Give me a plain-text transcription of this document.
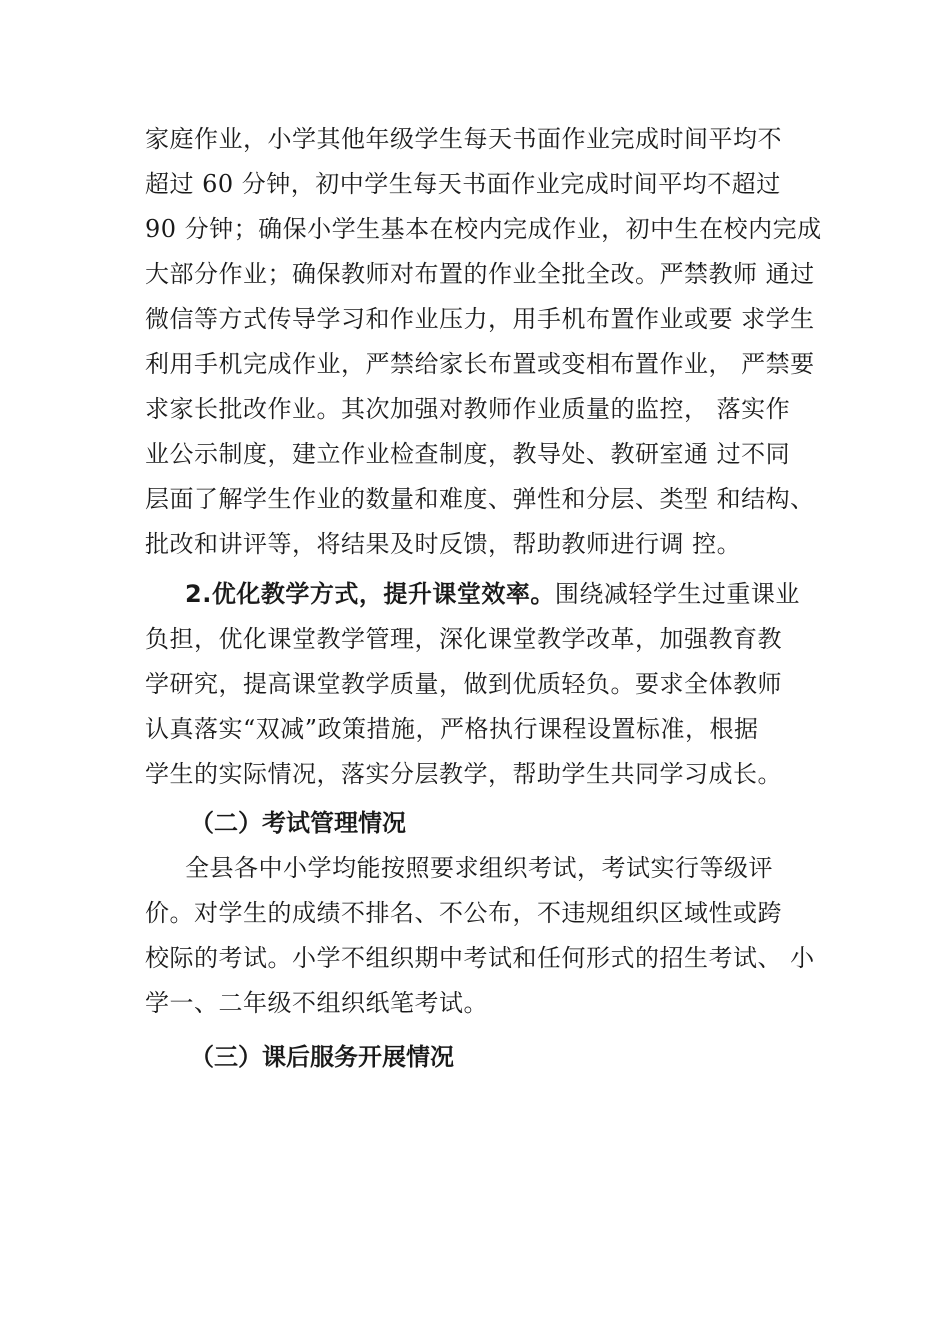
家庭作业，小学其他年级学生每天书面作业完成时间平均不
超过 60 分钟，初中学生每天书面作业完成时间平均不超过
90 分钟；确保小学生基本在校内完成作业，初中生在校内完成
大部分作业；确保教师对布置的作业全批全改。严禁教师 通过
微信等方式传导学习和作业压力，用手机布置作业或要 求学生
利用手机完成作业，严禁给家长布置或变相布置作业， 严禁要
求家长批改作业。其次加强对教师作业质量的监控， 落实作
业公示制度，建立作业检查制度，教导处、教研室通 过不同
层面了解学生作业的数量和难度、弹性和分层、类型 和结构、
批改和讲评等，将结果及时反馈，帮助教师进行调 控。
2.优化教学方式，提升课堂效率。围绕减轻学生过重课业
负担，优化课堂教学管理，深化课堂教学改革，加强教育教
学研究，提高课堂教学质量，做到优质轻负。要求全体教师
认真落实“双减”政策措施，严格执行课程设置标准，根据
学生的实际情况，落实分层教学，帮助学生共同学习成长。
（二）考试管理情况
全县各中小学均能按照要求组织考试，考试实行等级评
价。对学生的成绩不排名、不公布，不违规组织区域性或跨
校际的考试。小学不组织期中考试和任何形式的招生考试、 小
学一、二年级不组织纸笔考试。
（三）课后服务开展情况
